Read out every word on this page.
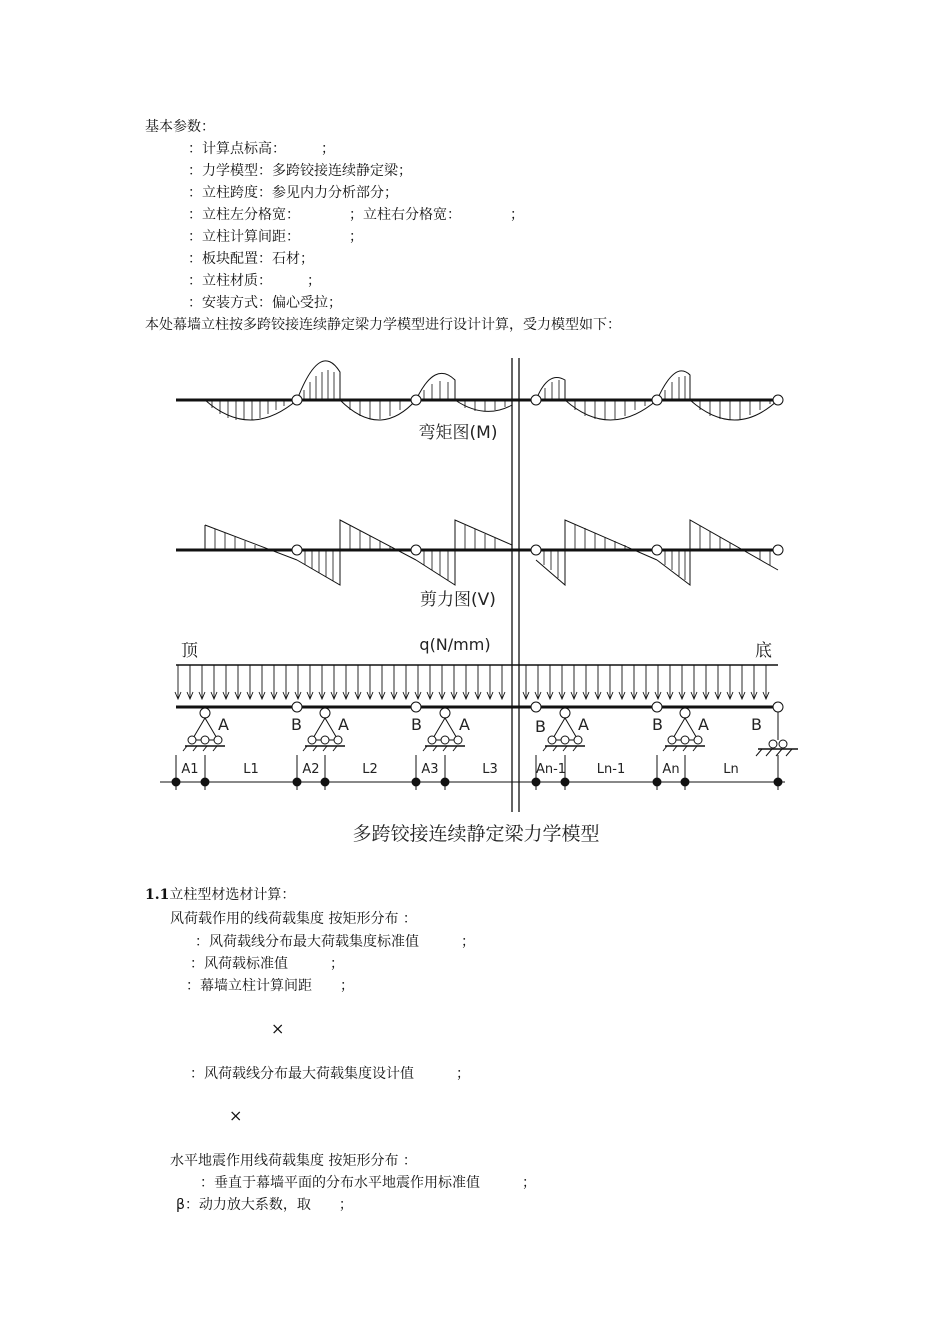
基本参数：
：计算点标高：　　　；
：力学模型：多跨铰接连续静定梁；
：立柱跨度：参见内力分析部分；
：立柱左分格宽：　　　　；立柱右分格宽：　　　　；
：立柱计算间距：　　　　；
：板块配置：石材；
：立柱材质：　　　；
：安装方式：偏心受拉；
本处幕墙立柱按多跨铰接连续静定梁力学模型进行设计计算，受力模型如下：
弯矩图(M)
剪力图(V)
顶	底
q(N/mm)
A	B A	B A	B A	B A	B
A1	L1	A2	L2	A3	L3	An-1 Ln-1	An	Ln
多跨铰接连续静定梁力学模型
1.1立柱型材选材计算：
风荷载作用的线荷载集度 按矩形分布 ：
：风荷载线分布最大荷载集度标准值　　　；
：风荷载标准值　　　；
：幕墙立柱计算间距　　；
×
：风荷载线分布最大荷载集度设计值　　　；
×
水平地震作用线荷载集度 按矩形分布 ：
：垂直于幕墙平面的分布水平地震作用标准值　　　；
β：动力放大系数，取　　；
